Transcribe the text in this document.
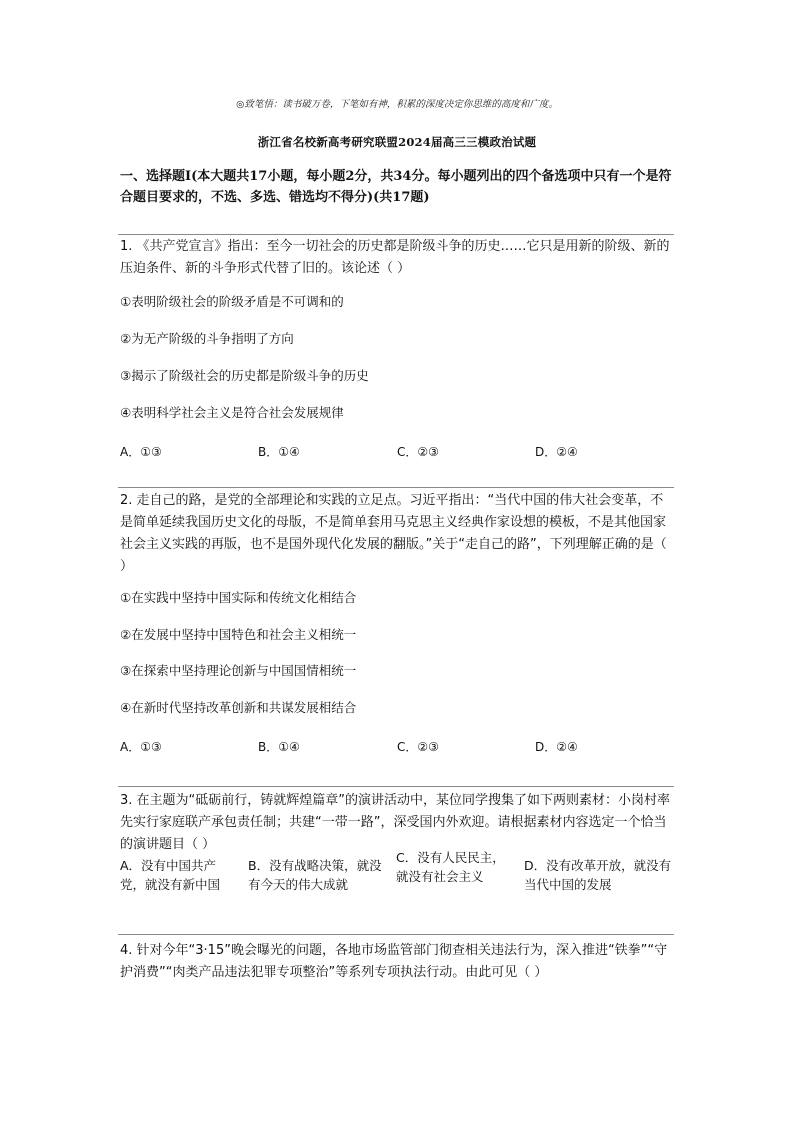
◎致笔悟：读书破万卷，下笔如有神，积累的深度决定你思维的高度和广度。
浙江省名校新高考研究联盟2024届高三三模政治试题
一、选择题Ⅰ(本大题共17小题，每小题2分，共34分。每小题列出的四个备选项中只有一个是符合题目要求的，不选、多选、错选均不得分)(共17题)

1. 《共产党宣言》指出：至今一切社会的历史都是阶级斗争的历史……它只是用新的阶级、新的压迫条件、新的斗争形式代替了旧的。该论述（ ）

①表明阶级社会的阶级矛盾是不可调和的

②为无产阶级的斗争指明了方向

③揭示了阶级社会的历史都是阶级斗争的历史

④表明科学社会主义是符合社会发展规律

A．①③	B．①④	C．②③	D．②④

2. 走自己的路，是党的全部理论和实践的立足点。习近平指出：“当代中国的伟大社会变革，不是简单延续我国历史文化的母版，不是简单套用马克思主义经典作家设想的模板，不是其他国家社会主义实践的再版，也不是国外现代化发展的翻版。”关于“走自己的路”，下列理解正确的是（ ）

①在实践中坚持中国实际和传统文化相结合

②在发展中坚持中国特色和社会主义相统一

③在探索中坚持理论创新与中国国情相统一

④在新时代坚持改革创新和共谋发展相结合

A．①③	B．①④	C．②③	D．②④

3. 在主题为“砥砺前行，铸就辉煌篇章”的演讲活动中，某位同学搜集了如下两则素材：小岗村率先实行家庭联产承包责任制；共建“一带一路”，深受国内外欢迎。请根据素材内容选定一个恰当的演讲题目（ ）

A．没有中国共产党，就没有新中国
B．没有战略决策，就没有今天的伟大成就
C．没有人民民主，就没有社会主义
D．没有改革开放，就没有当代中国的发展

4. 针对今年“3·15”晚会曝光的问题，各地市场监管部门彻查相关违法行为，深入推进“铁拳”“守护消费”“肉类产品违法犯罪专项整治”等系列专项执法行动。由此可见（ ）
